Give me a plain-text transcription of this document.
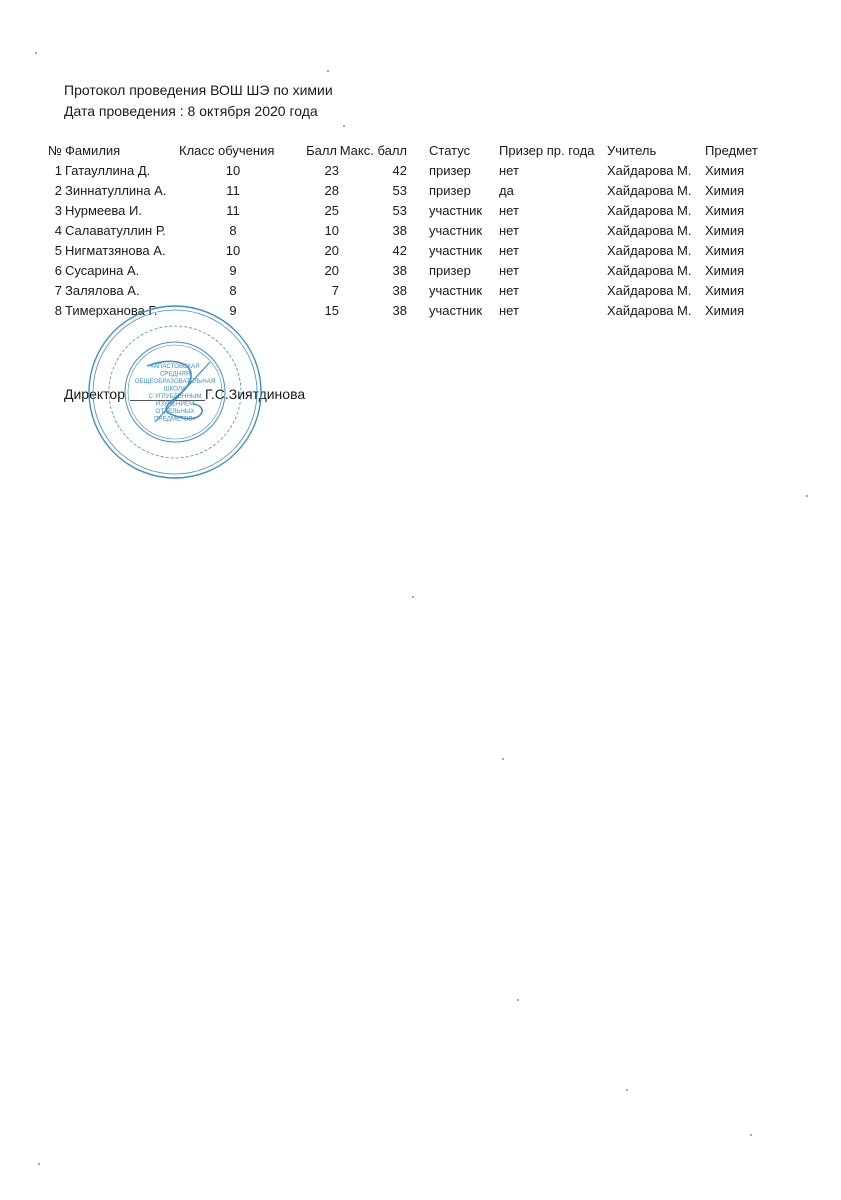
Протокол проведения ВОШ ШЭ по химии
Дата проведения : 8 октября 2020 года
№	Фамилия	Класс обучения	Балл	Макс. балл	Статус	Призер пр. года	Учитель	Предмет
1	Гатауллина Д.	10	23	42	призер	нет	Хайдарова М.	Химия
2	Зиннатуллина А.	11	28	53	призер	да	Хайдарова М.	Химия
3	Нурмеева И.	11	25	53	участник	нет	Хайдарова М.	Химия
4	Салаватуллин Р.	8	10	38	участник	нет	Хайдарова М.	Химия
5	Нигматзянова А.	10	20	42	участник	нет	Хайдарова М.	Химия
6	Сусарина А.	9	20	38	призер	нет	Хайдарова М.	Химия
7	Залялова А.	8	7	38	участник	нет	Хайдарова М.	Химия
8	Тимерханова Г.	9	15	38	участник	нет	Хайдарова М.	Химия
Директор	Г.С.Зиятдинова
«АПАСТОВСКАЯ
СРЕДНЯЯ
ОБЩЕОБРАЗОВАТЕЛЬНАЯ
ШКОЛА
С УГЛУБЛЕННЫМ
ИЗУЧЕНИЕМ
ОТДЕЛЬНЫХ
ПРЕДМЕТОВ»
